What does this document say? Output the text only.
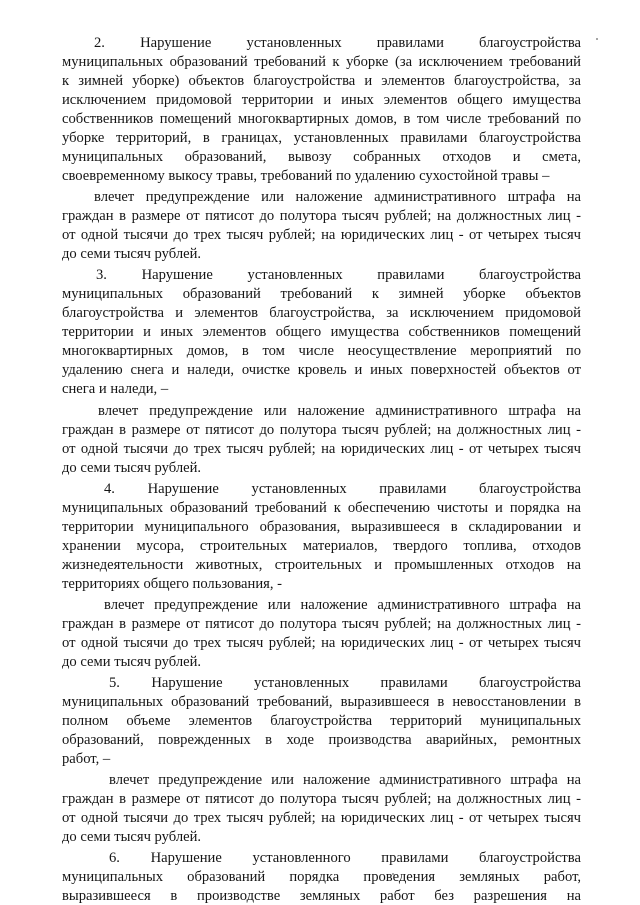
2. Нарушение установленных правилами благоустройства
муниципальных образований требований к уборке (за исключением требований
к зимней уборке) объектов благоустройства и элементов благоустройства, за
исключением придомовой территории и иных элементов общего имущества
собственников помещений многоквартирных домов, в том числе требований по
уборке территорий, в границах, установленных правилами благоустройства
муниципальных образований, вывозу собранных отходов и смета,
своевременному выкосу травы, требований по удалению сухостойной травы –
влечет предупреждение или наложение административного штрафа на
граждан в размере от пятисот до полутора тысяч рублей; на должностных лиц -
от одной тысячи до трех тысяч рублей; на юридических лиц - от четырех тысяч
до семи тысяч рублей.
3. Нарушение установленных правилами благоустройства
муниципальных образований требований к зимней уборке объектов
благоустройства и элементов благоустройства, за исключением придомовой
территории и иных элементов общего имущества собственников помещений
многоквартирных домов, в том числе неосуществление мероприятий по
удалению снега и наледи, очистке кровель и иных поверхностей объектов от
снега и наледи, –
влечет предупреждение или наложение административного штрафа на
граждан в размере от пятисот до полутора тысяч рублей; на должностных лиц -
от одной тысячи до трех тысяч рублей; на юридических лиц - от четырех тысяч
до семи тысяч рублей.
4. Нарушение установленных правилами благоустройства
муниципальных образований требований к обеспечению чистоты и порядка на
территории муниципального образования, выразившееся в складировании и
хранении мусора, строительных материалов, твердого топлива, отходов
жизнедеятельности животных, строительных и промышленных отходов на
территориях общего пользования, -
влечет предупреждение или наложение административного штрафа на
граждан в размере от пятисот до полутора тысяч рублей; на должностных лиц -
от одной тысячи до трех тысяч рублей; на юридических лиц - от четырех тысяч
до семи тысяч рублей.
5. Нарушение установленных правилами благоустройства
муниципальных образований требований, выразившееся в невосстановлении в
полном объеме элементов благоустройства территорий муниципальных
образований, поврежденных в ходе производства аварийных, ремонтных
работ, –
влечет предупреждение или наложение административного штрафа на
граждан в размере от пятисот до полутора тысяч рублей; на должностных лиц -
от одной тысячи до трех тысяч рублей; на юридических лиц - от четырех тысяч
до семи тысяч рублей.
6. Нарушение установленного правилами благоустройства
муниципальных образований порядка проведения земляных работ,
выразившееся в производстве земляных работ без разрешения на
